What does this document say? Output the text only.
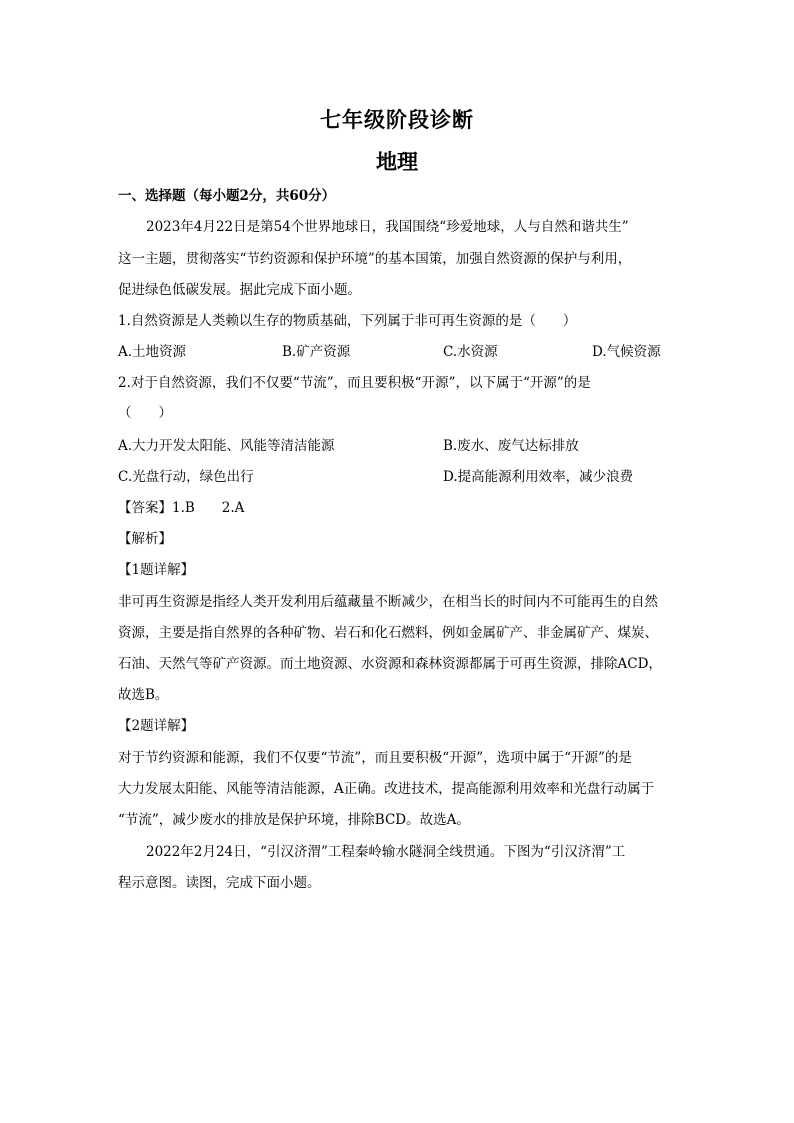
七年级阶段诊断
地理
一、选择题（每小题2分，共60分）
2023年4月22日是第54个世界地球日，我国围绕“珍爱地球，人与自然和谐共生”
这一主题，贯彻落实“节约资源和保护环境”的基本国策，加强自然资源的保护与利用，
促进绿色低碳发展。据此完成下面小题。
1.自然资源是人类赖以生存的物质基础，下列属于非可再生资源的是（　　）
A.土地资源	B.矿产资源	C.水资源	D.气候资源
2.对于自然资源，我们不仅要“节流”，而且要积极“开源”，以下属于“开源”的是
（　　）
A.大力开发太阳能、风能等清洁能源	B.废水、废气达标排放
C.光盘行动，绿色出行	D.提高能源利用效率，减少浪费
【答案】1.B　　2.A
【解析】
【1题详解】
非可再生资源是指经人类开发利用后蕴藏量不断减少，在相当长的时间内不可能再生的自然
资源，主要是指自然界的各种矿物、岩石和化石燃料，例如金属矿产、非金属矿产、煤炭、
石油、天然气等矿产资源。而土地资源、水资源和森林资源都属于可再生资源，排除ACD，
故选B。
【2题详解】
对于节约资源和能源，我们不仅要“节流”，而且要积极“开源”，选项中属于“开源”的是
大力发展太阳能、风能等清洁能源，A正确。改进技术，提高能源利用效率和光盘行动属于
“节流”，减少废水的排放是保护环境，排除BCD。故选A。
2022年2月24日，“引汉济渭”工程秦岭输水隧洞全线贯通。下图为“引汉济渭”工
程示意图。读图，完成下面小题。
